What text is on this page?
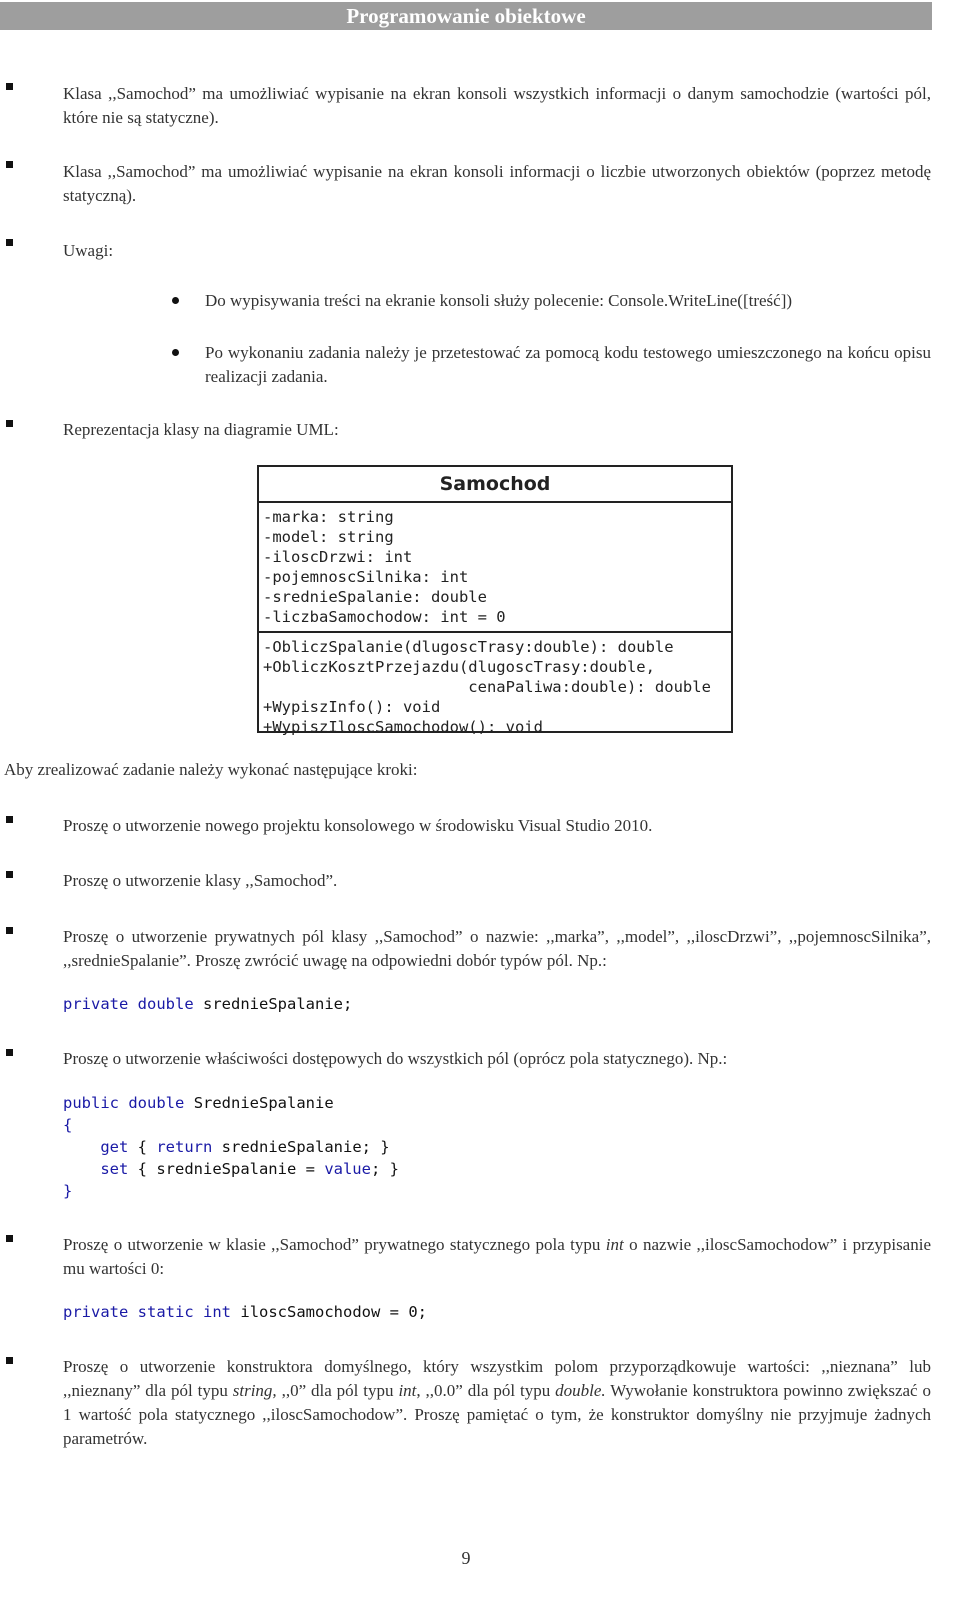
Programowanie obiektowe
Klasa ,,Samochod” ma umożliwiać wypisanie na ekran konsoli wszystkich informacji o danym samochodzie (wartości pól, które nie są statyczne).
Klasa ,,Samochod” ma umożliwiać wypisanie na ekran konsoli informacji o liczbie utworzonych obiektów (poprzez metodę statyczną).
Uwagi:
Do wypisywania treści na ekranie konsoli służy polecenie: Console.WriteLine([treść])
Po wykonaniu zadania należy je przetestować za pomocą kodu testowego umieszczonego na końcu opisu realizacji zadania.
Reprezentacja klasy na diagramie UML:
Samochod
-marka: string
-model: string
-iloscDrzwi: int
-pojemnoscSilnika: int
-srednieSpalanie: double
-liczbaSamochodow: int = 0
-ObliczSpalanie(dlugoscTrasy:double): double
+ObliczKosztPrzejazdu(dlugoscTrasy:double,
cenaPaliwa:double): double
+WypiszInfo(): void
+WypiszIloscSamochodow(): void
Aby zrealizować zadanie należy wykonać następujące kroki:
Proszę o utworzenie nowego projektu konsolowego w środowisku Visual Studio 2010.
Proszę o utworzenie klasy ,,Samochod”.
Proszę o utworzenie prywatnych pól klasy ,,Samochod” o nazwie: ,,marka”, ,,model”, ,,iloscDrzwi”, ,,pojemnoscSilnika”, ,,srednieSpalanie”. Proszę zwrócić uwagę na odpowiedni dobór typów pól. Np.:
private double srednieSpalanie;
Proszę o utworzenie właściwości dostępowych do wszystkich pól (oprócz pola statycznego). Np.:
public double SrednieSpalanie
{
get { return srednieSpalanie; }
set { srednieSpalanie = value; }
}
Proszę o utworzenie w klasie ,,Samochod” prywatnego statycznego pola typu int o nazwie ,,iloscSamochodow” i przypisanie mu wartości 0:
private static int iloscSamochodow = 0;
Proszę o utworzenie konstruktora domyślnego, który wszystkim polom przyporządkowuje wartości: ,,nieznana” lub ,,nieznany” dla pól typu string, ,,0” dla pól typu int, ,,0.0” dla pól typu double. Wywołanie konstruktora powinno zwiększać o 1 wartość pola statycznego ,,iloscSamochodow”. Proszę pamiętać o tym, że konstruktor domyślny nie przyjmuje żadnych parametrów.
9
